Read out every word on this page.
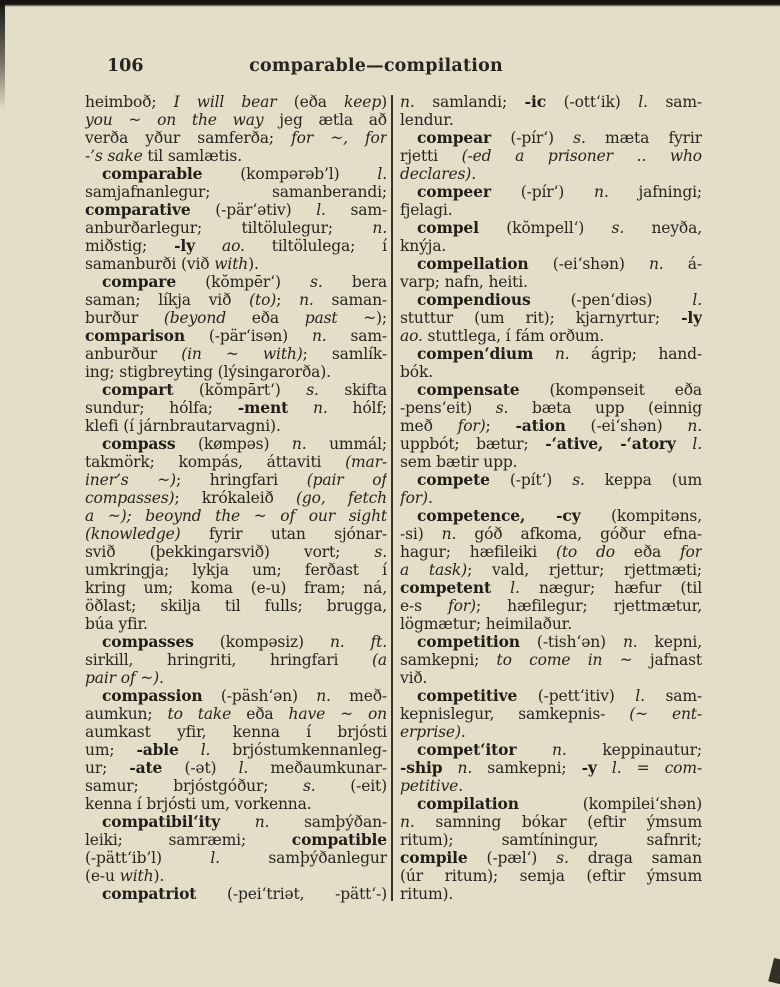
106	comparable—compilation
heimboð; I will bear (eða keep)
you ~ on the way jeg ætla að
verða yður samferða; for ~, for
-’s sake til samlætis.
comparable (kompərəb’l) l.
samjafnanlegur; samanberandi;
comparative (-pär‘ətiv) l. sam-
anburðarlegur; tiltölulegur; n.
miðstig; -ly ao. tiltölulega; í
samanburði (við with).
compare (kŏmpēr‘) s. bera
saman; líkja við (to); n. saman-
burður (beyond eða past ~);
comparison (-pär‘isən) n. sam-
anburður (in ~ with); samlík-
ing; stigbreyting (lýsingarorða).
compart (kŏmpārt‘) s. skifta
sundur; hólfa; -ment n. hólf;
klefi (í járnbrautarvagni).
compass (kømpəs) n. ummál;
takmörk; kompás, áttaviti (mar-
iner’s ~); hringfari (pair of
compasses); krókaleið (go, fetch
a ~); beoynd the ~ of our sight
(knowledge) fyrir utan sjónar-
svið (þekkingarsvið) vort; s.
umkringja; lykja um; ferðast í
kring um; koma (e-u) fram; ná,
öðlast; skilja til fulls; brugga,
búa yfir.
compasses (kompəsiz) n. ft.
sirkill, hringriti, hringfari (a
pair of ~).
compassion (-päsh‘ən) n. með-
aumkun; to take eða have ~ on
aumkast yfir, kenna í brjósti
um; -able l. brjóstumkennanleg-
ur; -ate (-ət) l. meðaumkunar-
samur; brjóstgóður; s. (-eit)
kenna í brjósti um, vorkenna.
compatibil‘ity n. samþýðan-
leiki; samræmi; compatible
(-pätt‘ib’l) l. samþýðanlegur
(e-u with).
compatriot (-pei‘triət, -pätt‘-)
n. samlandi; -ic (-ott‘ik) l. sam-
lendur.
compear (-pír‘) s. mæta fyrir
rjetti (-ed a prisoner .. who
declares).
compeer (-pír‘) n. jafningi;
fjelagi.
compel (kŏmpell‘) s. neyða,
knýja.
compellation (-ei‘shən) n. á-
varp; nafn, heiti.
compendious (-pen‘diəs) l.
stuttur (um rit); kjarnyrtur; -ly
ao. stuttlega, í fám orðum.
compen‘dium n. ágrip; hand-
bók.
compensate (kompənseit eða
-pens‘eit) s. bæta upp (einnig
með for); -ation (-ei‘shən) n.
uppbót; bætur; -‘ative, -‘atory l.
sem bætir upp.
compete (-pít‘) s. keppa (um
for).
competence, -cy (kompitəns,
-si) n. góð afkoma, góður efna-
hagur; hæfileiki (to do eða for
a task); vald, rjettur; rjettmæti;
competent l. nægur; hæfur (til
e-s for); hæfilegur; rjettmætur,
lögmætur; heimilaður.
competition (-tish‘ən) n. kepni,
samkepni; to come in ~ jafnast
við.
competitive (-pett‘itiv) l. sam-
kepnislegur, samkepnis- (~ ent-
erprise).
compet‘itor n. keppinautur;
-ship n. samkepni; -y l. = com-
petitive.
compilation (kompilei‘shən)
n. samning bókar (eftir ýmsum
ritum); samtíningur, safnrit;
compile (-pæl‘) s. draga saman
(úr ritum); semja (eftir ýmsum
ritum).
